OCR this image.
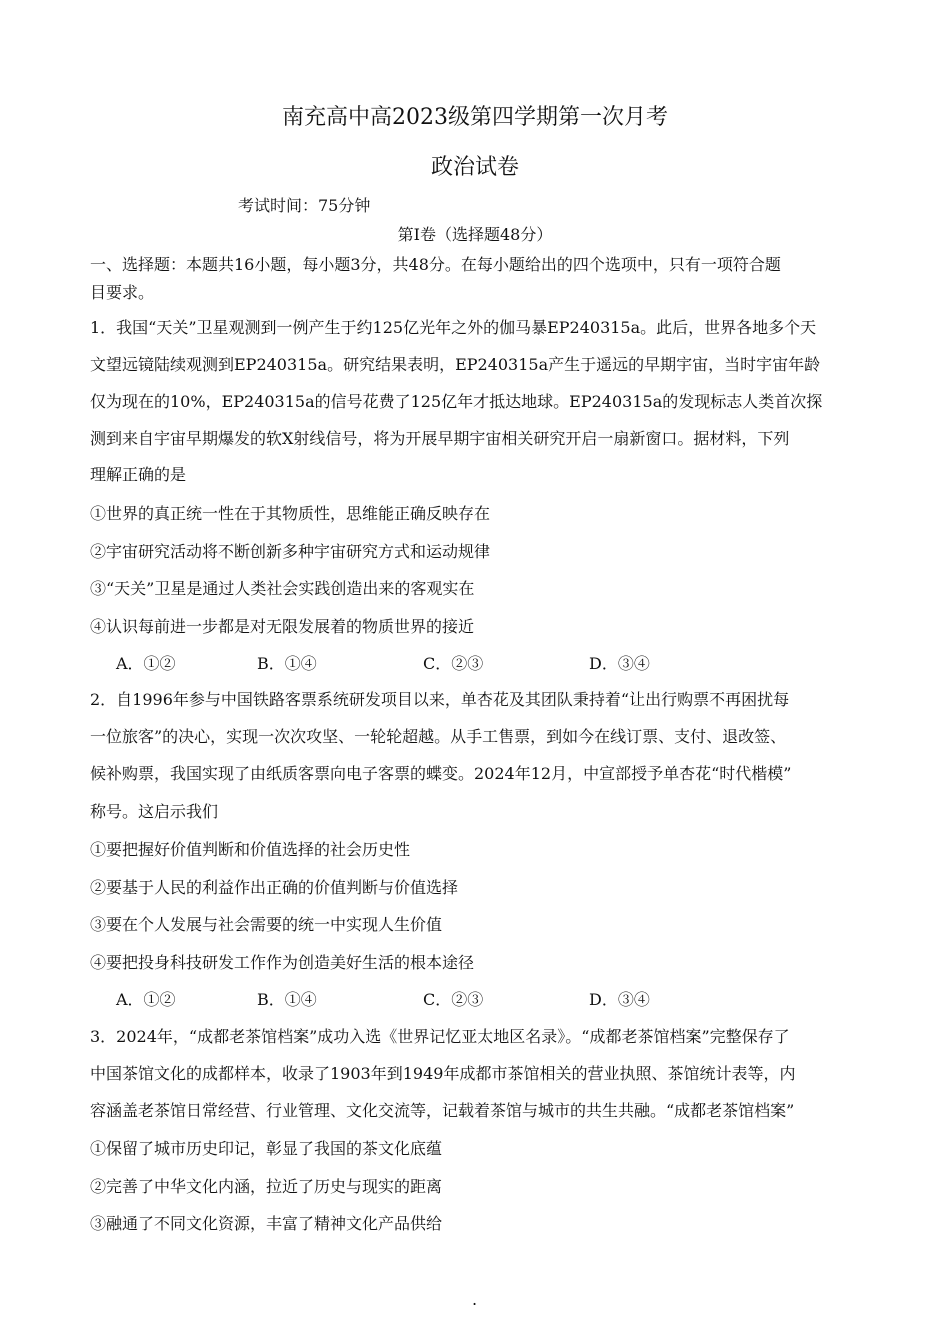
南充高中高2023级第四学期第一次月考
政治试卷
考试时间：75分钟
第Ⅰ卷（选择题48分）
一、选择题：本题共16小题，每小题3分，共48分。在每小题给出的四个选项中，只有一项符合题
目要求。
1．我国“天关”卫星观测到一例产生于约125亿光年之外的伽马暴EP240315a。此后，世界各地多个天
文望远镜陆续观测到EP240315a。研究结果表明，EP240315a产生于遥远的早期宇宙，当时宇宙年龄
仅为现在的10%，EP240315a的信号花费了125亿年才抵达地球。EP240315a的发现标志人类首次探
测到来自宇宙早期爆发的软X射线信号，将为开展早期宇宙相关研究开启一扇新窗口。据材料，下列
理解正确的是
①世界的真正统一性在于其物质性，思维能正确反映存在
②宇宙研究活动将不断创新多种宇宙研究方式和运动规律
③“天关”卫星是通过人类社会实践创造出来的客观实在
④认识每前进一步都是对无限发展着的物质世界的接近
A．①②	B．①④	C．②③	D．③④
2．自1996年参与中国铁路客票系统研发项目以来，单杏花及其团队秉持着“让出行购票不再困扰每
一位旅客”的决心，实现一次次攻坚、一轮轮超越。从手工售票，到如今在线订票、支付、退改签、
候补购票，我国实现了由纸质客票向电子客票的蝶变。2024年12月，中宣部授予单杏花“时代楷模”
称号。这启示我们
①要把握好价值判断和价值选择的社会历史性
②要基于人民的利益作出正确的价值判断与价值选择
③要在个人发展与社会需要的统一中实现人生价值
④要把投身科技研发工作作为创造美好生活的根本途径
A．①②	B．①④	C．②③	D．③④
3．2024年，“成都老茶馆档案”成功入选《世界记忆亚太地区名录》。“成都老茶馆档案”完整保存了
中国茶馆文化的成都样本，收录了1903年到1949年成都市茶馆相关的营业执照、茶馆统计表等，内
容涵盖老茶馆日常经营、行业管理、文化交流等，记载着茶馆与城市的共生共融。“成都老茶馆档案”
①保留了城市历史印记，彰显了我国的茶文化底蕴
②完善了中华文化内涵，拉近了历史与现实的距离
③融通了不同文化资源，丰富了精神文化产品供给
.
